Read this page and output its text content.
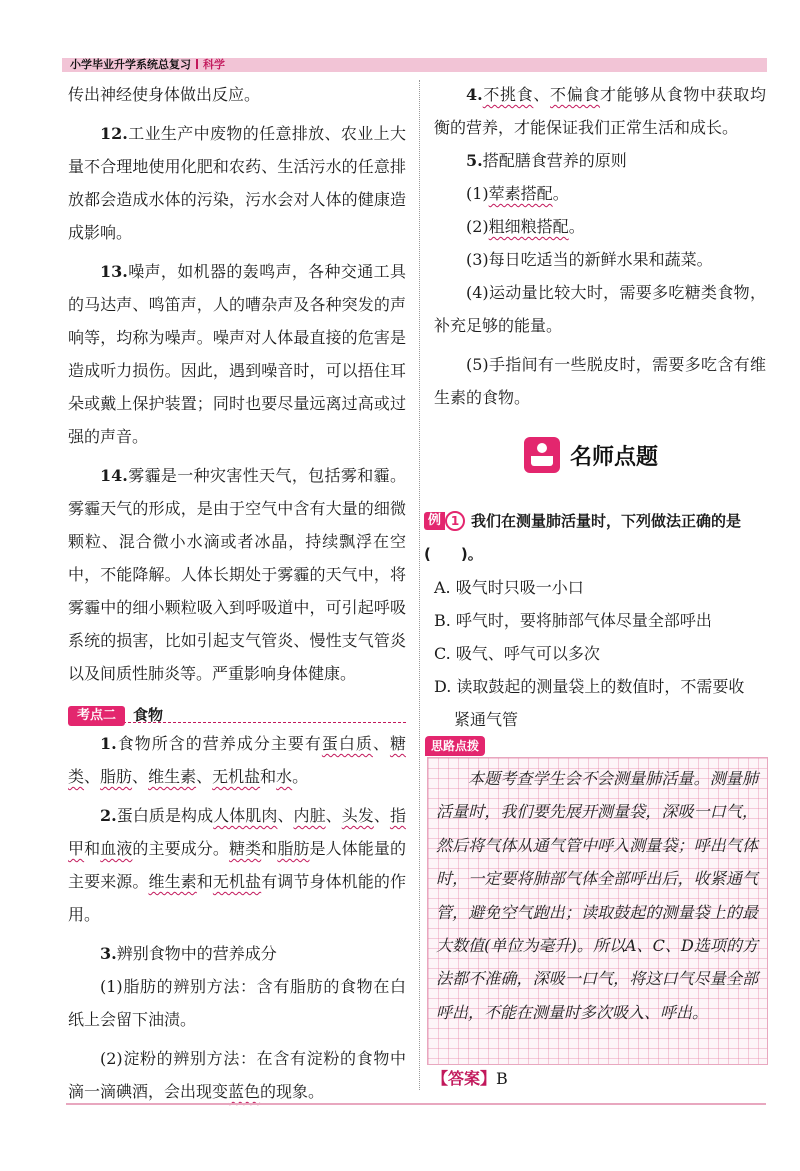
小学毕业升学系统总复习 科学

传出神经使身体做出反应。

12.工业生产中废物的任意排放、农业上大量不合理地使用化肥和农药、生活污水的任意排放都会造成水体的污染，污水会对人体的健康造成影响。

13.噪声，如机器的轰鸣声，各种交通工具的马达声、鸣笛声，人的嘈杂声及各种突发的声响等，均称为噪声。噪声对人体最直接的危害是造成听力损伤。因此，遇到噪音时，可以捂住耳朵或戴上保护装置；同时也要尽量远离过高或过强的声音。

14.雾霾是一种灾害性天气，包括雾和霾。雾霾天气的形成，是由于空气中含有大量的细微颗粒、混合微小水滴或者冰晶，持续飘浮在空中，不能降解。人体长期处于雾霾的天气中，将雾霾中的细小颗粒吸入到呼吸道中，可引起呼吸系统的损害，比如引起支气管炎、慢性支气管炎以及间质性肺炎等。严重影响身体健康。

考点二 食物

1.食物所含的营养成分主要有蛋白质、糖类、脂肪、维生素、无机盐和水。

2.蛋白质是构成人体肌肉、内脏、头发、指甲和血液的主要成分。糖类和脂肪是人体能量的主要来源。维生素和无机盐有调节身体机能的作用。

3.辨别食物中的营养成分

(1)脂肪的辨别方法：含有脂肪的食物在白纸上会留下油渍。

(2)淀粉的辨别方法：在含有淀粉的食物中滴一滴碘酒，会出现变蓝色的现象。

4.不挑食、不偏食才能够从食物中获取均衡的营养，才能保证我们正常生活和成长。

5.搭配膳食营养的原则

(1)荤素搭配。

(2)粗细粮搭配。

(3)每日吃适当的新鲜水果和蔬菜。

(4)运动量比较大时，需要多吃糖类食物，补充足够的能量。

(5)手指间有一些脱皮时，需要多吃含有维生素的食物。

名师点题

例 1 我们在测量肺活量时，下列做法正确的是(　　)。

A. 吸气时只吸一小口

B. 呼气时，要将肺部气体尽量全部呼出

C. 吸气、呼气可以多次

D. 读取鼓起的测量袋上的数值时，不需要收

紧通气管

思路点拨

本题考查学生会不会测量肺活量。测量肺活量时，我们要先展开测量袋，深吸一口气，然后将气体从通气管中呼入测量袋；呼出气体时，一定要将肺部气体全部呼出后，收紧通气管，避免空气跑出；读取鼓起的测量袋上的最大数值(单位为毫升)。所以A、C、D选项的方法都不准确，深吸一口气，将这口气尽量全部呼出，不能在测量时多次吸入、呼出。

【答案】B
